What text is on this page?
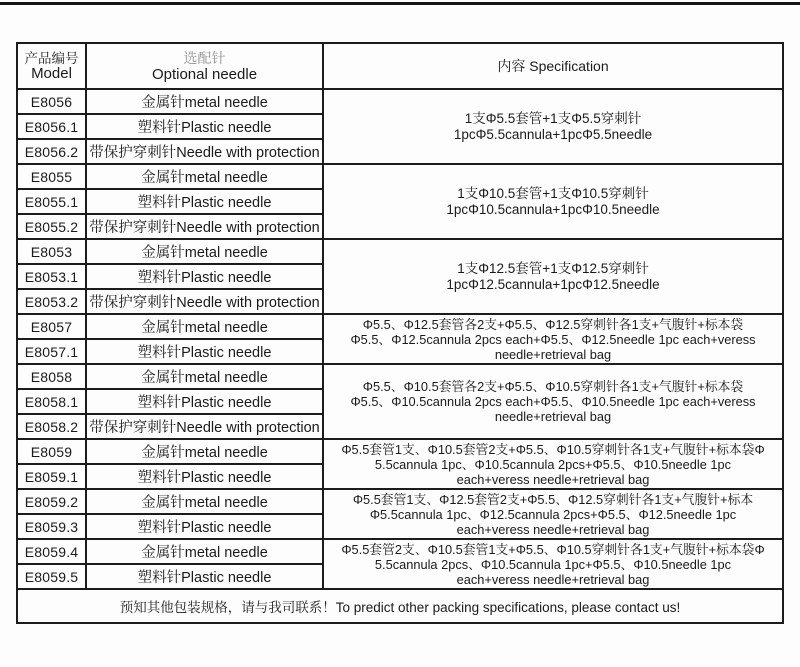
产品编号
Model	选配针
Optional needle	内容 Specification
E8056	金属针metal needle	1支Φ5.5套管+1支Φ5.5穿刺针
1pcΦ5.5cannula+1pcΦ5.5needle

E8056.1	塑料针Plastic needle	
E8056.2	带保护穿刺针Needle with protection	
E8055	金属针metal needle	1支Φ10.5套管+1支Φ10.5穿刺针
1pcΦ10.5cannula+1pcΦ10.5needle

E8055.1	塑料针Plastic needle	
E8055.2	带保护穿刺针Needle with protection	
E8053	金属针metal needle	1支Φ12.5套管+1支Φ12.5穿刺针
1pcΦ12.5cannula+1pcΦ12.5needle

E8053.1	塑料针Plastic needle	
E8053.2	带保护穿刺针Needle with protection	
E8057	金属针metal needle	Φ5.5、Φ12.5套管各2支+Φ5.5、Φ12.5穿刺针各1支+气腹针+标本袋
Φ5.5、Φ12.5cannula 2pcs each+Φ5.5、Φ12.5needle 1pc each+veress
needle+retrieval bag

E8057.1	塑料针Plastic needle	
E8058	金属针metal needle	Φ5.5、Φ10.5套管各2支+Φ5.5、Φ10.5穿刺针各1支+气腹针+标本袋
Φ5.5、Φ10.5cannula 2pcs each+Φ5.5、Φ10.5needle 1pc each+veress
needle+retrieval bag

E8058.1	塑料针Plastic needle	
E8058.2	带保护穿刺针Needle with protection	
E8059	金属针metal needle	Φ5.5套管1支、Φ10.5套管2支+Φ5.5、Φ10.5穿刺针各1支+气腹针+标本袋Φ
5.5cannula 1pc、Φ10.5cannula 2pcs+Φ5.5、Φ10.5needle 1pc
each+veress needle+retrieval bag

E8059.1	塑料针Plastic needle	
E8059.2	金属针metal needle	Φ5.5套管1支、Φ12.5套管2支+Φ5.5、Φ12.5穿刺针各1支+气腹针+标本
Φ5.5cannula 1pc、Φ12.5cannula 2pcs+Φ5.5、Φ12.5needle 1pc
each+veress needle+retrieval bag

E8059.3	塑料针Plastic needle	
E8059.4	金属针metal needle	Φ5.5套管2支、Φ10.5套管1支+Φ5.5、Φ10.5穿刺针各1支+气腹针+标本袋Φ
5.5cannula 2pcs、Φ10.5cannula 1pc+Φ5.5、Φ10.5needle 1pc
each+veress needle+retrieval bag

E8059.5	塑料针Plastic needle	
预知其他包装规格，请与我司联系！To predict other packing specifications, please contact us!		
